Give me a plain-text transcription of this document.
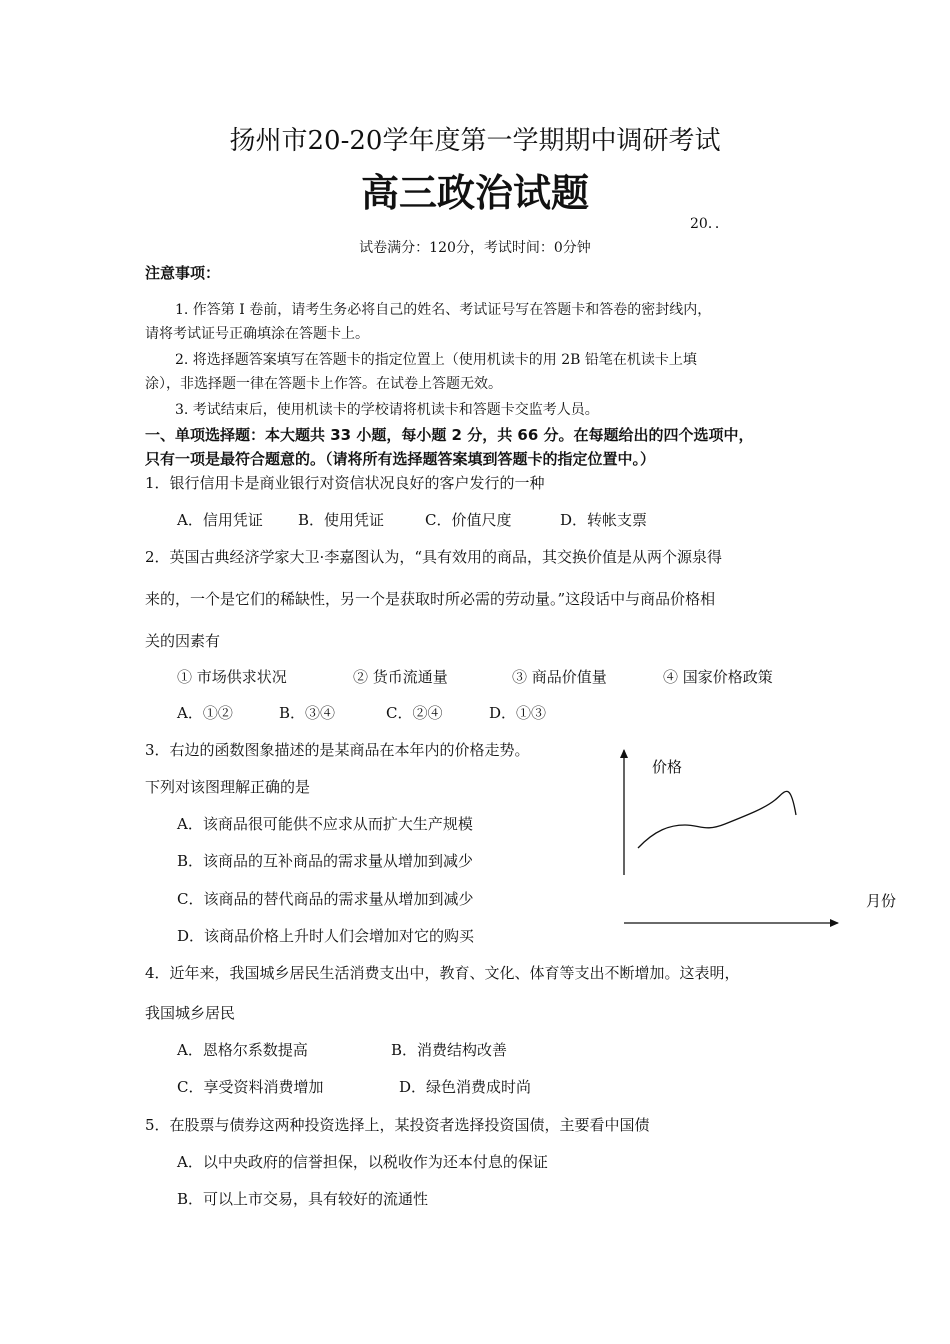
扬州市20-20学年度第一学期期中调研考试
高三政治试题
20．．
试卷满分：120分，考试时间：0分钟
注意事项：
1. 作答第 I 卷前，请考生务必将自己的姓名、考试证号写在答题卡和答卷的密封线内，
请将考试证号正确填涂在答题卡上。
2. 将选择题答案填写在答题卡的指定位置上（使用机读卡的用 2B 铅笔在机读卡上填
涂），非选择题一律在答题卡上作答。在试卷上答题无效。
3. 考试结束后，使用机读卡的学校请将机读卡和答题卡交监考人员。
一、单项选择题：本大题共 33 小题，每小题 2 分，共 66 分。在每题给出的四个选项中，
只有一项是最符合题意的。（请将所有选择题答案填到答题卡的指定位置中。）
1．银行信用卡是商业银行对资信状况良好的客户发行的一种
A．信用凭证 B．使用凭证	C．价值尺度	D．转帐支票
2．英国古典经济学家大卫·李嘉图认为，“具有效用的商品，其交换价值是从两个源泉得
来的，一个是它们的稀缺性，另一个是获取时所必需的劳动量。”这段话中与商品价格相
关的因素有
① 市场供求状况	② 货币流通量	③ 商品价值量	④ 国家价格政策
A．①②	B．③④	C．②④	D．①③
3．右边的函数图象描述的是某商品在本年内的价格走势。
下列对该图理解正确的是
A．该商品很可能供不应求从而扩大生产规模
B．该商品的互补商品的需求量从增加到减少
C．该商品的替代商品的需求量从增加到减少
D．该商品价格上升时人们会增加对它的购买
价格
月份
4．近年来，我国城乡居民生活消费支出中，教育、文化、体育等支出不断增加。这表明，
我国城乡居民
A．恩格尔系数提高	B．消费结构改善
C．享受资料消费增加	D．绿色消费成时尚
5．在股票与债券这两种投资选择上，某投资者选择投资国债，主要看中国债
A．以中央政府的信誉担保，以税收作为还本付息的保证
B．可以上市交易，具有较好的流通性
